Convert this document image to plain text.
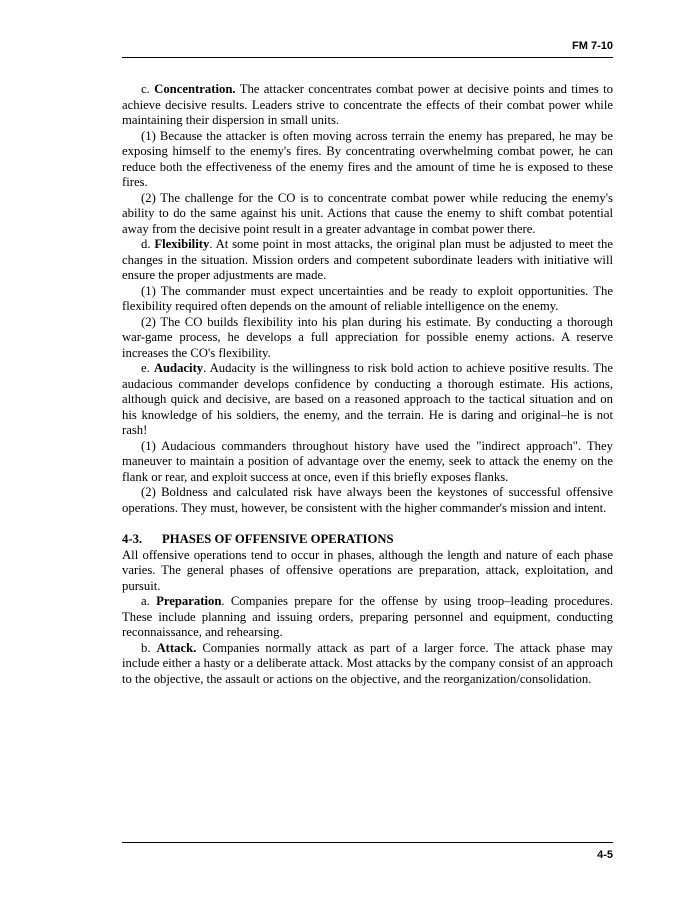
FM 7-10

c. Concentration. The attacker concentrates combat power at decisive points and times to achieve decisive results. Leaders strive to concentrate the effects of their combat power while maintaining their dispersion in small units.

(1) Because the attacker is often moving across terrain the enemy has prepared, he may be exposing himself to the enemy's fires. By concentrating overwhelming combat power, he can reduce both the effectiveness of the enemy fires and the amount of time he is exposed to these fires.

(2) The challenge for the CO is to concentrate combat power while reducing the enemy's ability to do the same against his unit. Actions that cause the enemy to shift combat potential away from the decisive point result in a greater advantage in combat power there.

d. Flexibility. At some point in most attacks, the original plan must be adjusted to meet the changes in the situation. Mission orders and competent subordinate leaders with initiative will ensure the proper adjustments are made.

(1) The commander must expect uncertainties and be ready to exploit opportunities. The flexibility required often depends on the amount of reliable intelligence on the enemy.

(2) The CO builds flexibility into his plan during his estimate. By conducting a thorough war-game process, he develops a full appreciation for possible enemy actions. A reserve increases the CO's flexibility.

e. Audacity. Audacity is the willingness to risk bold action to achieve positive results. The audacious commander develops confidence by conducting a thorough estimate. His actions, although quick and decisive, are based on a reasoned approach to the tactical situation and on his knowledge of his soldiers, the enemy, and the terrain. He is daring and original–he is not rash!

(1) Audacious commanders throughout history have used the "indirect approach". They maneuver to maintain a position of advantage over the enemy, seek to attack the enemy on the flank or rear, and exploit success at once, even if this briefly exposes flanks.

(2) Boldness and calculated risk have always been the keystones of successful offensive operations. They must, however, be consistent with the higher commander's mission and intent.

4-3. PHASES OF OFFENSIVE OPERATIONS

All offensive operations tend to occur in phases, although the length and nature of each phase varies. The general phases of offensive operations are preparation, attack, exploitation, and pursuit.

a. Preparation. Companies prepare for the offense by using troop–leading procedures. These include planning and issuing orders, preparing personnel and equipment, conducting reconnaissance, and rehearsing.

b. Attack. Companies normally attack as part of a larger force. The attack phase may include either a hasty or a deliberate attack. Most attacks by the company consist of an approach to the objective, the assault or actions on the objective, and the reorganization/consolidation.

4-5
